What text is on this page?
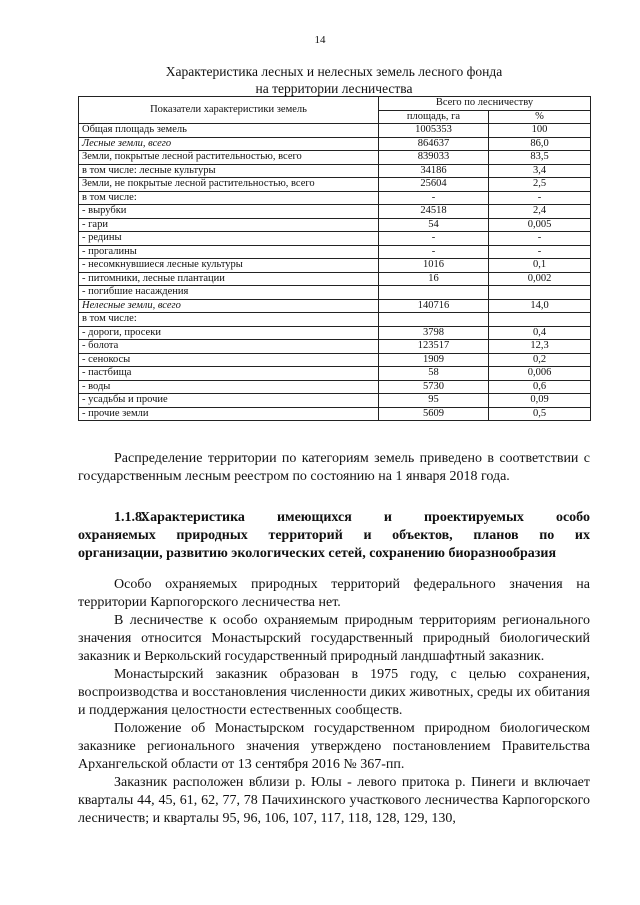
14
Характеристика лесных и нелесных земель лесного фонда
на территории лесничества
Показатели характеристики земель	Всего по лесничеству	
	площадь, га	%
Общая площадь земель	1005353	100
Лесные земли, всего	864637	86,0
Земли, покрытые лесной растительностью, всего	839033	83,5
в том числе: лесные культуры	34186	3,4
Земли, не покрытые лесной растительностью, всего	25604	2,5
в том числе:	-	-
- вырубки	24518	2,4
- гари	54	0,005
- редины	-	-
- прогалины	-	-
- несомкнувшиеся лесные культуры	1016	0,1
- питомники, лесные плантации	16	0,002
- погибшие насаждения		
Нелесные земли, всего	140716	14,0
в том числе:		
- дороги, просеки	3798	0,4
- болота	123517	12,3
- сенокосы	1909	0,2
- пастбища	58	0,006
- воды	5730	0,6
- усадьбы и прочие	95	0,09
- прочие земли	5609	0,5

Распределение территории по категориям земель приведено в соответствии с государственным лесным реестром по состоянию на 1 января 2018 года.

1.1.8.Характеристика имеющихся и проектируемых особо
охраняемых природных территорий и объектов, планов по их
организации, развитию экологических сетей, сохранению биоразнообразия

Особо охраняемых природных территорий федерального значения на территории Карпогорского лесничества нет.

В лесничестве к особо охраняемым природным территориям регионального значения относится Монастырский государственный природный биологический заказник и Веркольский государственный природный ландшафтный заказник.

Монастырский заказник образован в 1975 году, с целью сохранения, воспроизводства и восстановления численности диких животных, среды их обитания и поддержания целостности естественных сообществ.

Положение об Монастырском государственном природном биологическом заказнике регионального значения утверждено постановлением Правительства Архангельской области от 13 сентября 2016 № 367-пп.

Заказник расположен вблизи р. Юлы - левого притока р. Пинеги и включает кварталы 44, 45, 61, 62, 77, 78 Пачихинского участкового лесничества Карпогорского лесничеств; и кварталы 95, 96, 106, 107, 117, 118, 128, 129, 130,
